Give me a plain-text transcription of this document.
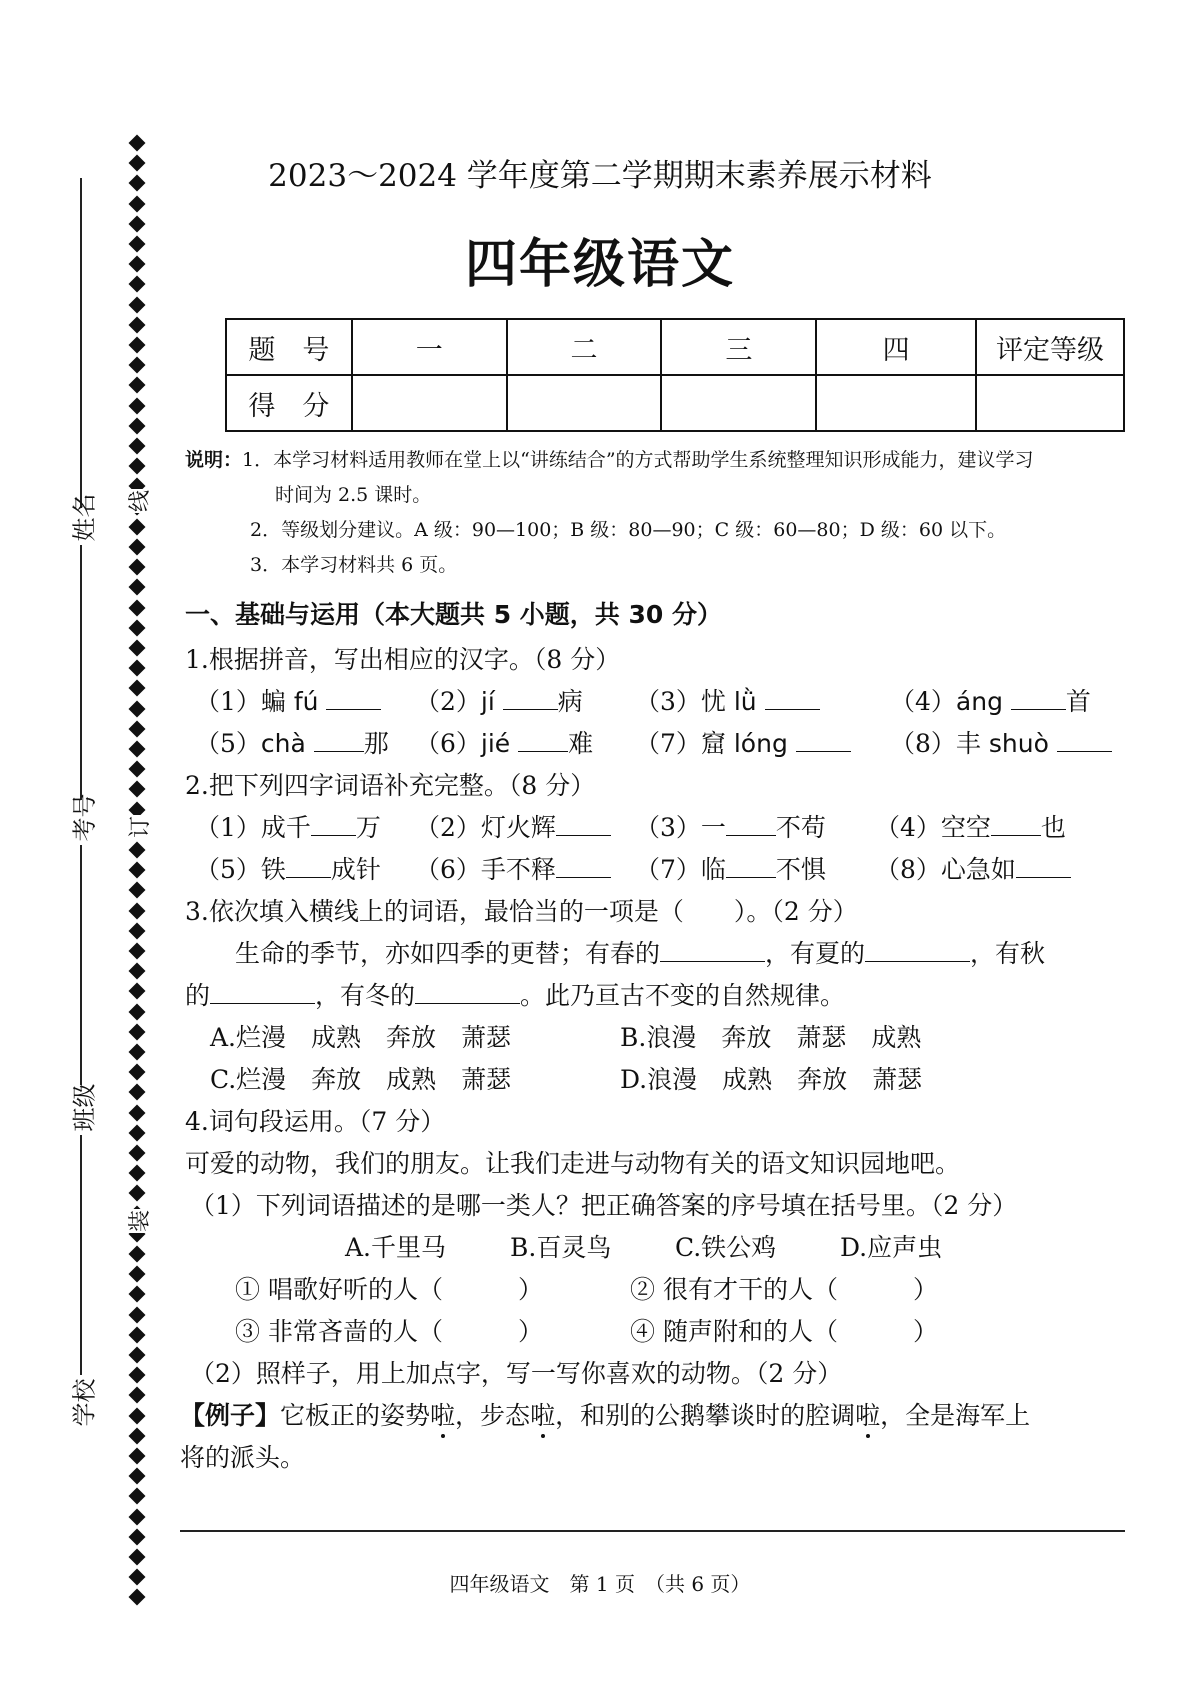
姓名
考号
班级
学校
线
订
装
2023～2024 学年度第二学期期末素养展示材料
四年级语文
题　号	一	二	三	四	评定等级
得　分					
说明：1．本学习材料适用教师在堂上以“讲练结合”的方式帮助学生系统整理知识形成能力，建议学习
时间为 2.5 课时。
2．等级划分建议。A 级：90—100；B 级：80—90；C 级：60—80；D 级：60 以下。
3．本学习材料共 6 页。
一、基础与运用（本大题共 5 小题，共 30 分）
1.根据拼音，写出相应的汉字。（8 分）
（1）蝙 fú	（2）jí	病 （3）忧 lǜ	（4）áng	首
（5）chà 那 （6）jié 难 （7）窟 lóng	（8）丰 shuò
2.把下列四字词语补充完整。（8 分）
（1）成千 万 （2）灯火辉	（3）一 不苟 （4）空空 也
（5）铁 成针 （6）手不释	（7）临 不惧 （8）心急如
3.依次填入横线上的词语，最恰当的一项是（　　）。（2 分）
生命的季节，亦如四季的更替；有春的	，有夏的	，有秋
的	，有冬的	。此乃亘古不变的自然规律。
A.烂漫　成熟　奔放　萧瑟	B.浪漫　奔放　萧瑟　成熟
C.烂漫　奔放　成熟　萧瑟	D.浪漫　成熟　奔放　萧瑟
4.词句段运用。（7 分）
可爱的动物，我们的朋友。让我们走进与动物有关的语文知识园地吧。
（1）下列词语描述的是哪一类人？把正确答案的序号填在括号里。（2 分）
A.千里马	B.百灵鸟	C.铁公鸡	D.应声虫
① 唱歌好听的人（　　　）	② 很有才干的人（　　　）
③ 非常吝啬的人（　　　）	④ 随声附和的人（　　　）
（2）照样子，用上加点字，写一写你喜欢的动物。（2 分）
【例子】它板正的姿势啦，步态啦，和别的公鹅攀谈时的腔调啦，全是海军上
将的派头。
四年级语文　第 1 页　（共 6 页）
